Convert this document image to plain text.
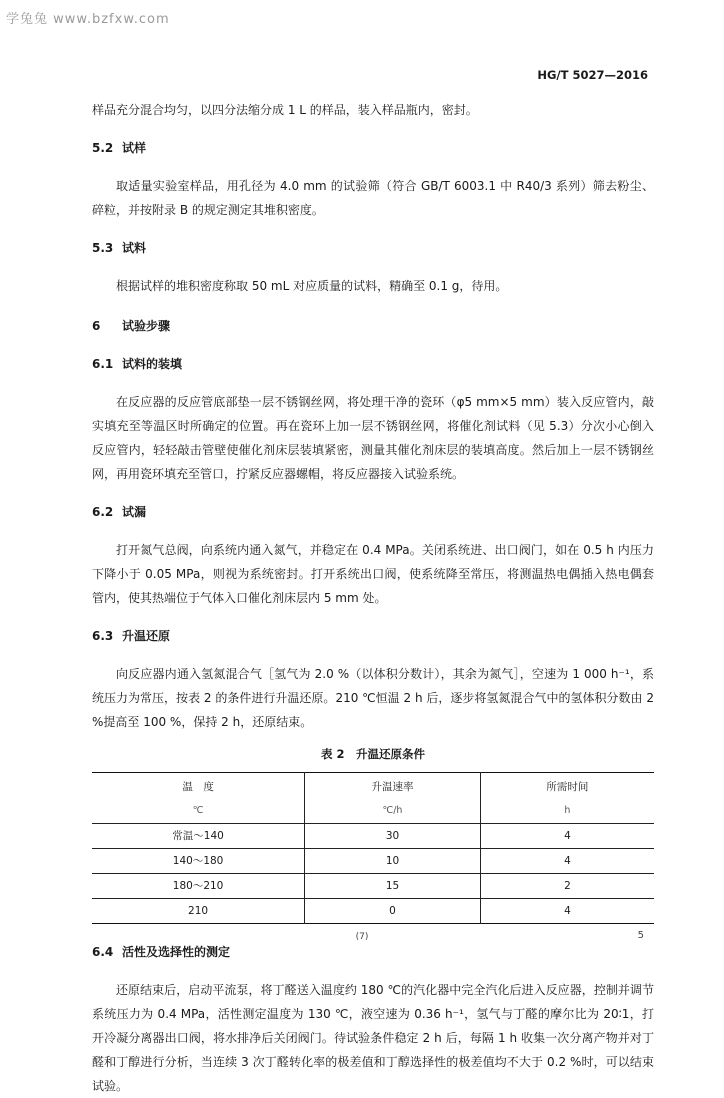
学兔兔 www.bzfxw.com
HG/T 5027—2016

样品充分混合均匀，以四分法缩分成 1 L 的样品，装入样品瓶内，密封。

5.2 试样

取适量实验室样品，用孔径为 4.0 mm 的试验筛（符合 GB/T 6003.1 中 R40/3 系列）筛去粉尘、碎粒，并按附录 B 的规定测定其堆积密度。

5.3 试料

根据试样的堆积密度称取 50 mL 对应质量的试料，精确至 0.1 g，待用。

6 试验步骤
6.1 试料的装填

在反应器的反应管底部垫一层不锈钢丝网，将处理干净的瓷环（φ5 mm×5 mm）装入反应管内，敲实填充至等温区时所确定的位置。再在瓷环上加一层不锈钢丝网，将催化剂试料（见 5.3）分次小心倒入反应管内，轻轻敲击管壁使催化剂床层装填紧密，测量其催化剂床层的装填高度。然后加上一层不锈钢丝网，再用瓷环填充至管口，拧紧反应器螺帽，将反应器接入试验系统。

6.2 试漏

打开氮气总阀，向系统内通入氮气，并稳定在 0.4 MPa。关闭系统进、出口阀门，如在 0.5 h 内压力下降小于 0.05 MPa，则视为系统密封。打开系统出口阀，使系统降至常压，将测温热电偶插入热电偶套管内，使其热端位于气体入口催化剂床层内 5 mm 处。

6.3 升温还原

向反应器内通入氢氮混合气［氢气为 2.0 %（以体积分数计），其余为氮气］，空速为 1 000 h⁻¹，系统压力为常压，按表 2 的条件进行升温还原。210 ℃恒温 2 h 后，逐步将氢氮混合气中的氢体积分数由 2 %提高至 100 %，保持 2 h，还原结束。

表 2　升温还原条件
温　度	升温速率	所需时间
℃	℃/h	h
常温～140	30	4
140～180	10	4
180～210	15	2
210	0	4
6.4 活性及选择性的测定

还原结束后，启动平流泵，将丁醛送入温度约 180 ℃的汽化器中完全汽化后进入反应器，控制并调节系统压力为 0.4 MPa，活性测定温度为 130 ℃，液空速为 0.36 h⁻¹，氢气与丁醛的摩尔比为 20∶1，打开冷凝分离器出口阀，将水排净后关闭阀门。待试验条件稳定 2 h 后，每隔 1 h 收集一次分离产物并对丁醛和丁醇进行分析，当连续 3 次丁醛转化率的极差值和丁醇选择性的极差值均不大于 0.2 %时，可以结束试验。

(7)	5
